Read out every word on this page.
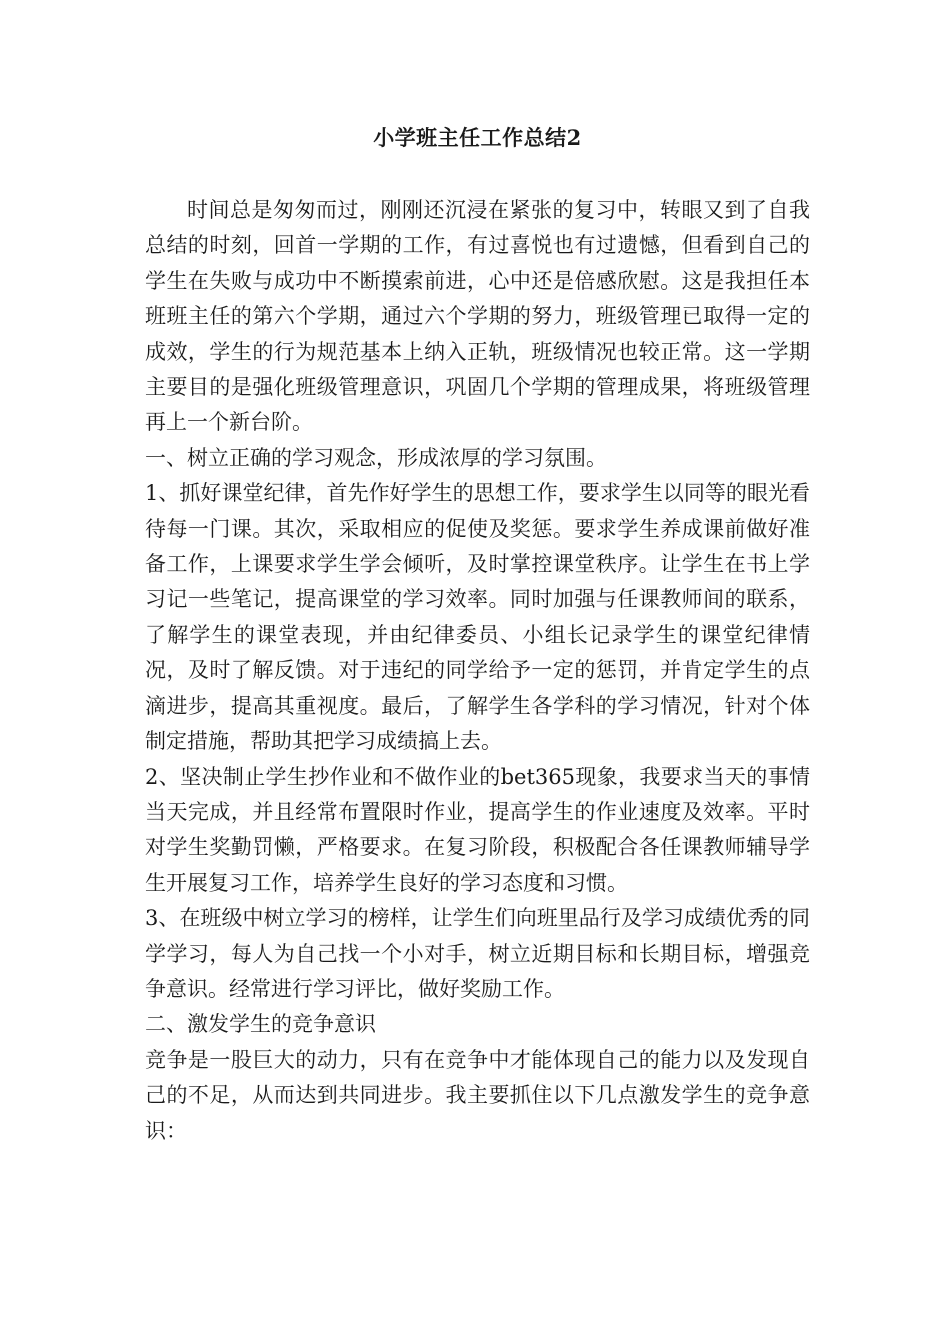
小学班主任工作总结2

时间总是匆匆而过，刚刚还沉浸在紧张的复习中，转眼又到了自我总结的时刻，回首一学期的工作，有过喜悦也有过遗憾，但看到自己的学生在失败与成功中不断摸索前进，心中还是倍感欣慰。这是我担任本班班主任的第六个学期，通过六个学期的努力，班级管理已取得一定的成效，学生的行为规范基本上纳入正轨，班级情况也较正常。这一学期主要目的是强化班级管理意识，巩固几个学期的管理成果，将班级管理再上一个新台阶。

一、树立正确的学习观念，形成浓厚的学习氛围。

1、抓好课堂纪律，首先作好学生的思想工作，要求学生以同等的眼光看待每一门课。其次，采取相应的促使及奖惩。要求学生养成课前做好准备工作，上课要求学生学会倾听，及时掌控课堂秩序。让学生在书上学习记一些笔记，提高课堂的学习效率。同时加强与任课教师间的联系，了解学生的课堂表现，并由纪律委员、小组长记录学生的课堂纪律情况，及时了解反馈。对于违纪的同学给予一定的惩罚，并肯定学生的点滴进步，提高其重视度。最后，了解学生各学科的学习情况，针对个体制定措施，帮助其把学习成绩搞上去。

2、坚决制止学生抄作业和不做作业的bet365现象，我要求当天的事情当天完成，并且经常布置限时作业，提高学生的作业速度及效率。平时对学生奖勤罚懒，严格要求。在复习阶段，积极配合各任课教师辅导学生开展复习工作，培养学生良好的学习态度和习惯。

3、在班级中树立学习的榜样，让学生们向班里品行及学习成绩优秀的同学学习，每人为自己找一个小对手，树立近期目标和长期目标，增强竞争意识。经常进行学习评比，做好奖励工作。

二、激发学生的竞争意识

竞争是一股巨大的动力，只有在竞争中才能体现自己的能力以及发现自己的不足，从而达到共同进步。我主要抓住以下几点激发学生的竞争意识：
